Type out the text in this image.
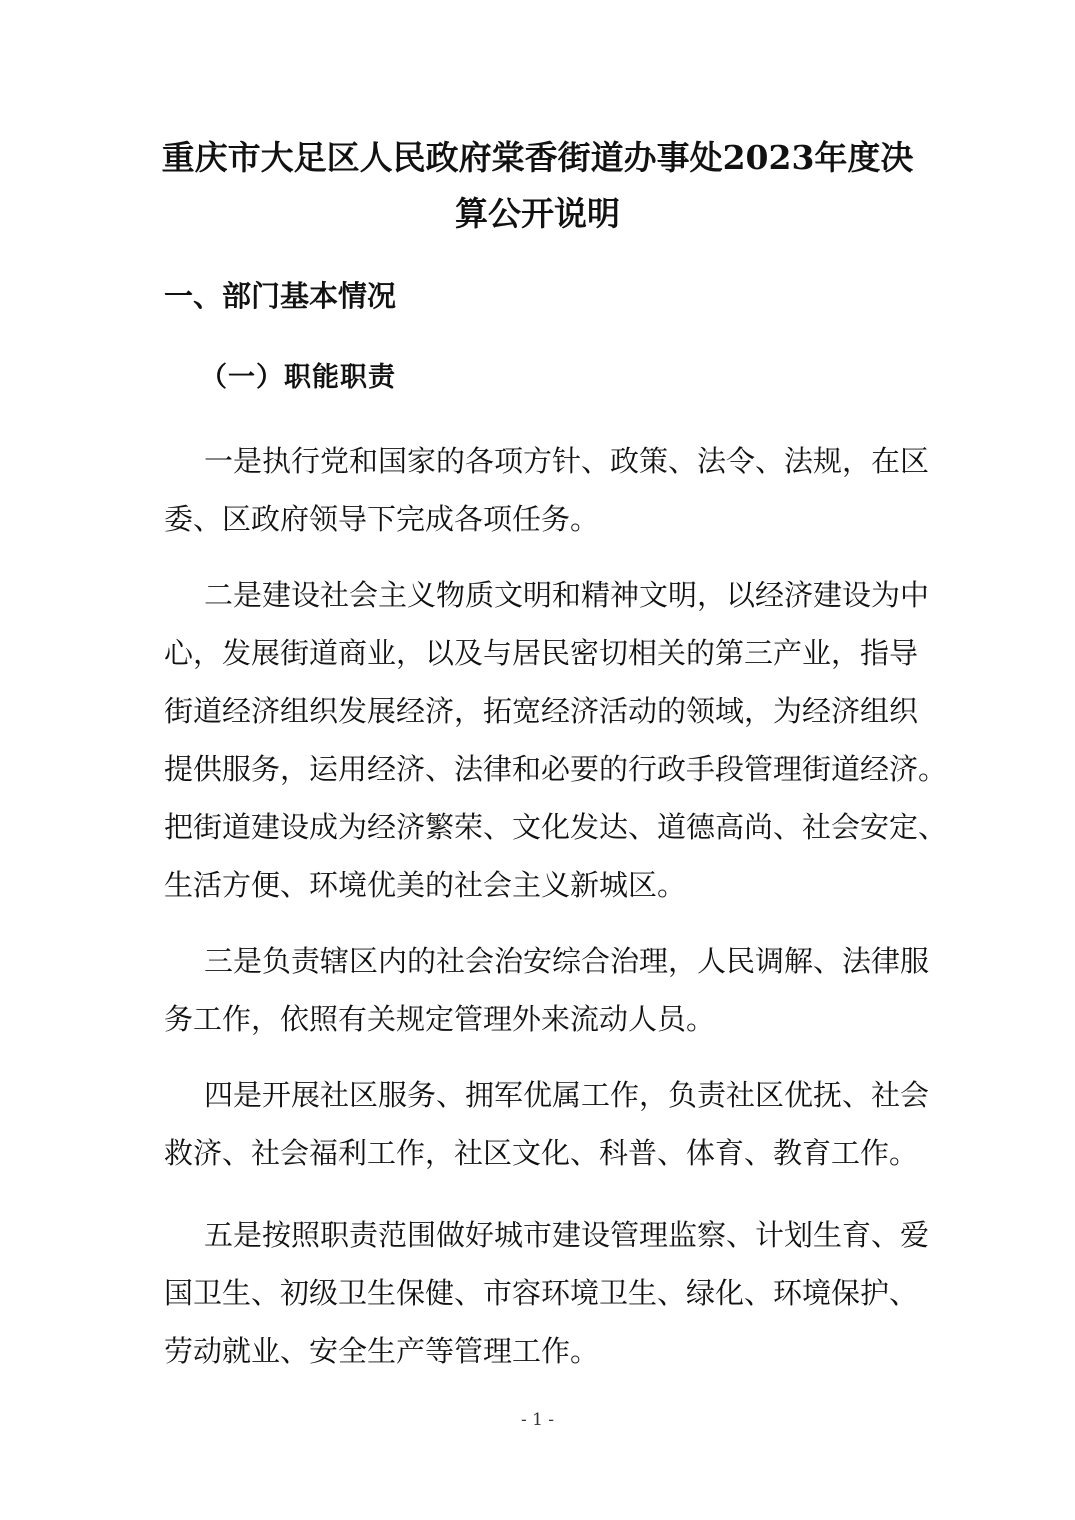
重庆市大足区人民政府棠香街道办事处2023年度决
算公开说明
一、部门基本情况
（一）职能职责
一是执行党和国家的各项方针、政策、法令、法规，在区
委、区政府领导下完成各项任务。
二是建设社会主义物质文明和精神文明，以经济建设为中
心，发展街道商业，以及与居民密切相关的第三产业，指导
街道经济组织发展经济，拓宽经济活动的领域，为经济组织
提供服务，运用经济、法律和必要的行政手段管理街道经济。
把街道建设成为经济繁荣、文化发达、道德高尚、社会安定、
生活方便、环境优美的社会主义新城区。
三是负责辖区内的社会治安综合治理，人民调解、法律服
务工作，依照有关规定管理外来流动人员。
四是开展社区服务、拥军优属工作，负责社区优抚、社会
救济、社会福利工作，社区文化、科普、体育、教育工作。
五是按照职责范围做好城市建设管理监察、计划生育、爱
国卫生、初级卫生保健、市容环境卫生、绿化、环境保护、
劳动就业、安全生产等管理工作。
- 1 -
